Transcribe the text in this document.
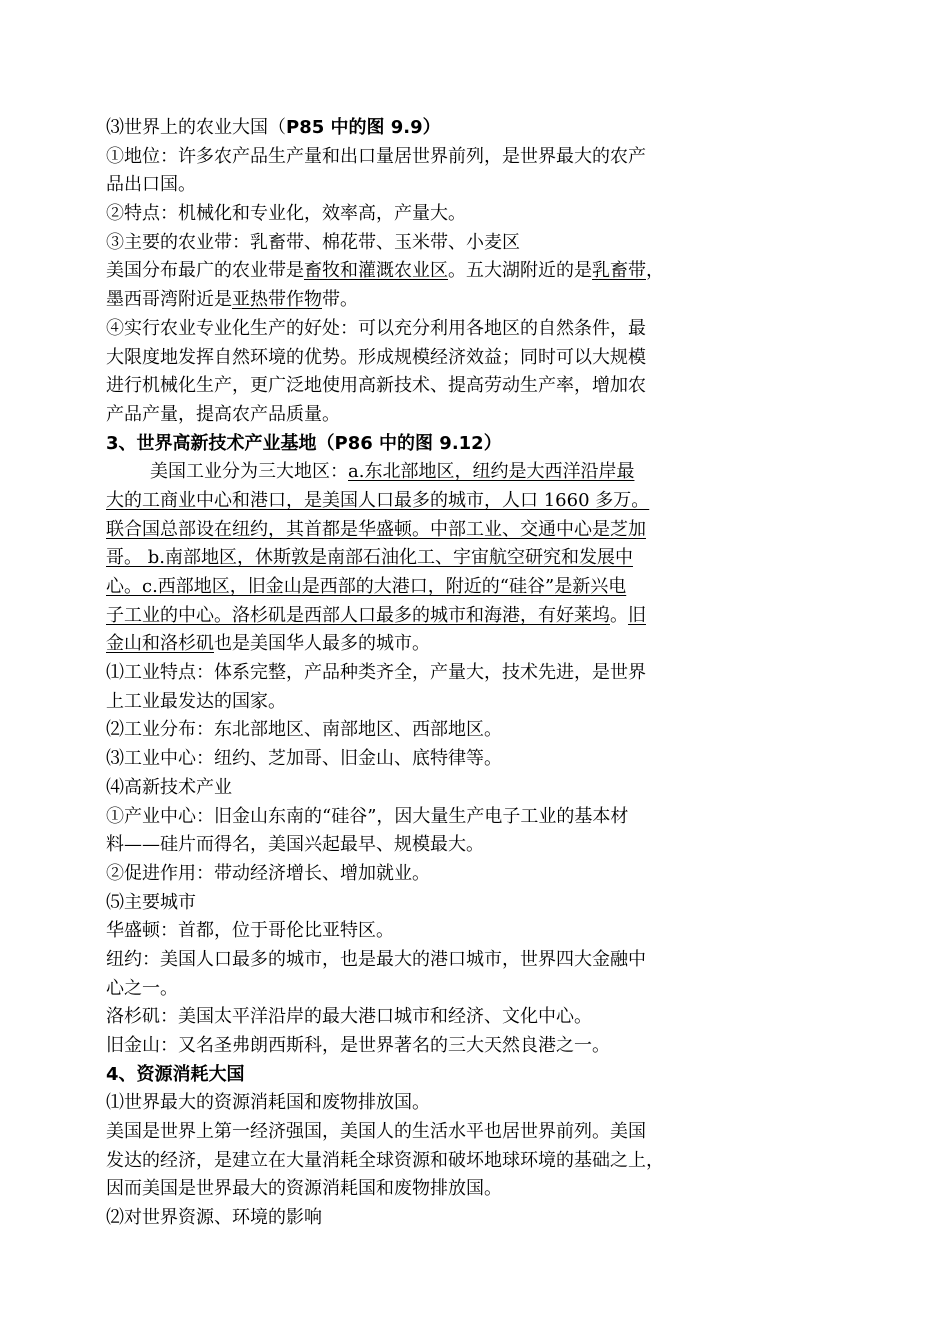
⑶世界上的农业大国（P85 中的图 9.9）
①地位：许多农产品生产量和出口量居世界前列，是世界最大的农产
品出口国。
②特点：机械化和专业化，效率高，产量大。
③主要的农业带：乳畜带、棉花带、玉米带、小麦区
美国分布最广的农业带是畜牧和灌溉农业区。五大湖附近的是乳畜带，
墨西哥湾附近是亚热带作物带。
④实行农业专业化生产的好处：可以充分利用各地区的自然条件，最
大限度地发挥自然环境的优势。形成规模经济效益；同时可以大规模
进行机械化生产，更广泛地使用高新技术、提高劳动生产率，增加农
产品产量，提高农产品质量。
3、世界高新技术产业基地（P86 中的图 9.12）
美国工业分为三大地区：a.东北部地区，纽约是大西洋沿岸最
大的工商业中心和港口，是美国人口最多的城市，人口 1660 多万。
联合国总部设在纽约，其首都是华盛顿。中部工业、交通中心是芝加
哥。 b.南部地区，休斯敦是南部石油化工、宇宙航空研究和发展中
心。c.西部地区，旧金山是西部的大港口，附近的“硅谷”是新兴电
子工业的中心。洛杉矶是西部人口最多的城市和海港，有好莱坞。旧
金山和洛杉矶也是美国华人最多的城市。
⑴工业特点：体系完整，产品种类齐全，产量大，技术先进，是世界
上工业最发达的国家。
⑵工业分布：东北部地区、南部地区、西部地区。
⑶工业中心：纽约、芝加哥、旧金山、底特律等。
⑷高新技术产业
①产业中心：旧金山东南的“硅谷”，因大量生产电子工业的基本材
料——硅片而得名，美国兴起最早、规模最大。
②促进作用：带动经济增长、增加就业。
⑸主要城市
华盛顿：首都，位于哥伦比亚特区。
纽约：美国人口最多的城市，也是最大的港口城市，世界四大金融中
心之一。
洛杉矶：美国太平洋沿岸的最大港口城市和经济、文化中心。
旧金山：又名圣弗朗西斯科，是世界著名的三大天然良港之一。
4、资源消耗大国
⑴世界最大的资源消耗国和废物排放国。
美国是世界上第一经济强国，美国人的生活水平也居世界前列。美国
发达的经济，是建立在大量消耗全球资源和破坏地球环境的基础之上，
因而美国是世界最大的资源消耗国和废物排放国。
⑵对世界资源、环境的影响
